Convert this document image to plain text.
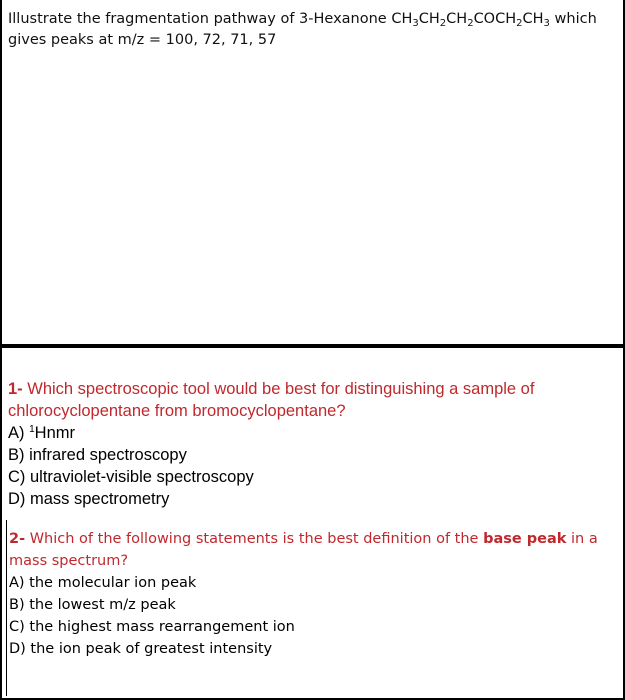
Illustrate the fragmentation pathway of 3-Hexanone $CH_3CH_2CH_2COCH_2CH_3$ which
gives peaks at m/z = 100, 72, 71, 57
1- Which spectroscopic tool would be best for distinguishing a sample of chlorocyclopentane from bromocyclopentane?
A) $^1$Hnmr
B) infrared spectroscopy
C) ultraviolet-visible spectroscopy
D) mass spectrometry
2- Which of the following statements is the best definition of the base peak in a mass spectrum?
A) the molecular ion peak
B) the lowest m/z peak
C) the highest mass rearrangement ion
D) the ion peak of greatest intensity
